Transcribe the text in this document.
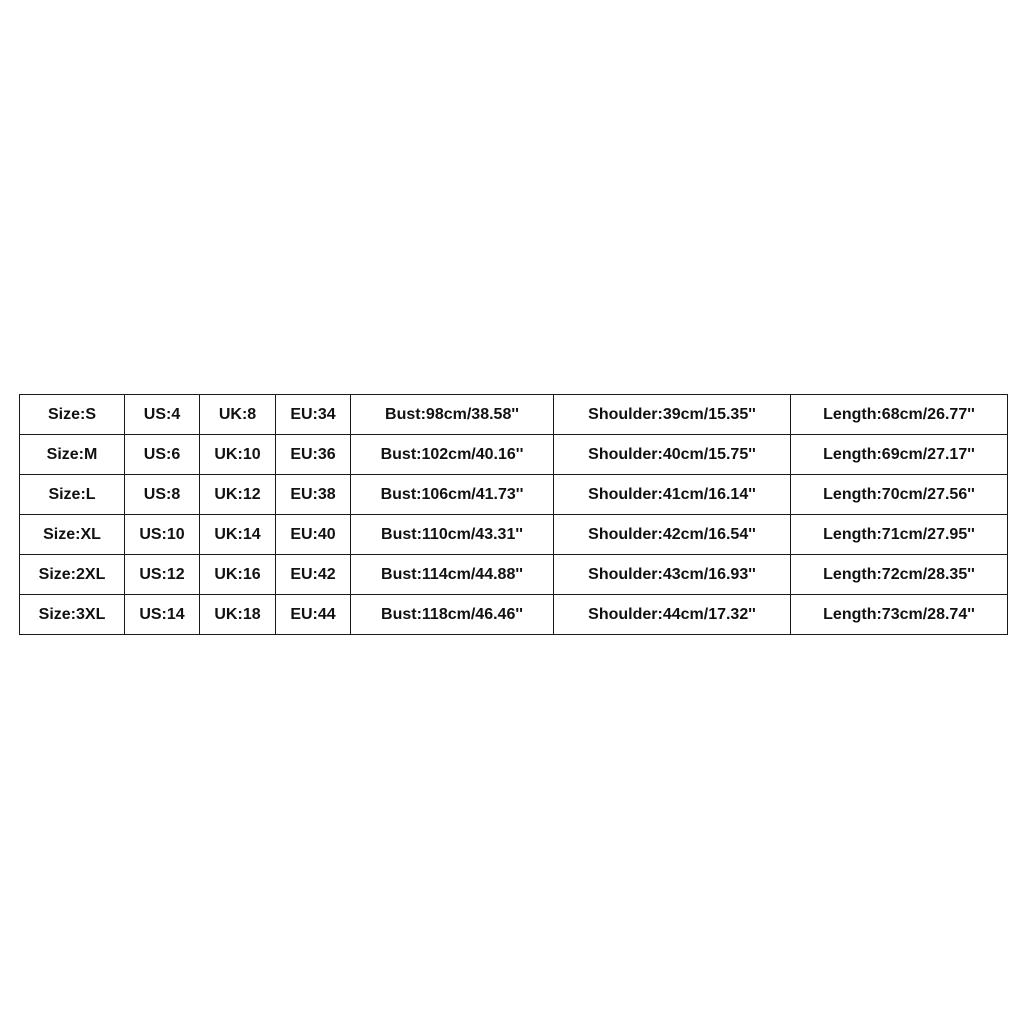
Size:S	US:4	UK:8	EU:34	Bust:98cm/38.58''	Shoulder:39cm/15.35''	Length:68cm/26.77''
Size:M	US:6	UK:10	EU:36	Bust:102cm/40.16''	Shoulder:40cm/15.75''	Length:69cm/27.17''
Size:L	US:8	UK:12	EU:38	Bust:106cm/41.73''	Shoulder:41cm/16.14''	Length:70cm/27.56''
Size:XL	US:10	UK:14	EU:40	Bust:110cm/43.31''	Shoulder:42cm/16.54''	Length:71cm/27.95''
Size:2XL	US:12	UK:16	EU:42	Bust:114cm/44.88''	Shoulder:43cm/16.93''	Length:72cm/28.35''
Size:3XL	US:14	UK:18	EU:44	Bust:118cm/46.46''	Shoulder:44cm/17.32''	Length:73cm/28.74''
